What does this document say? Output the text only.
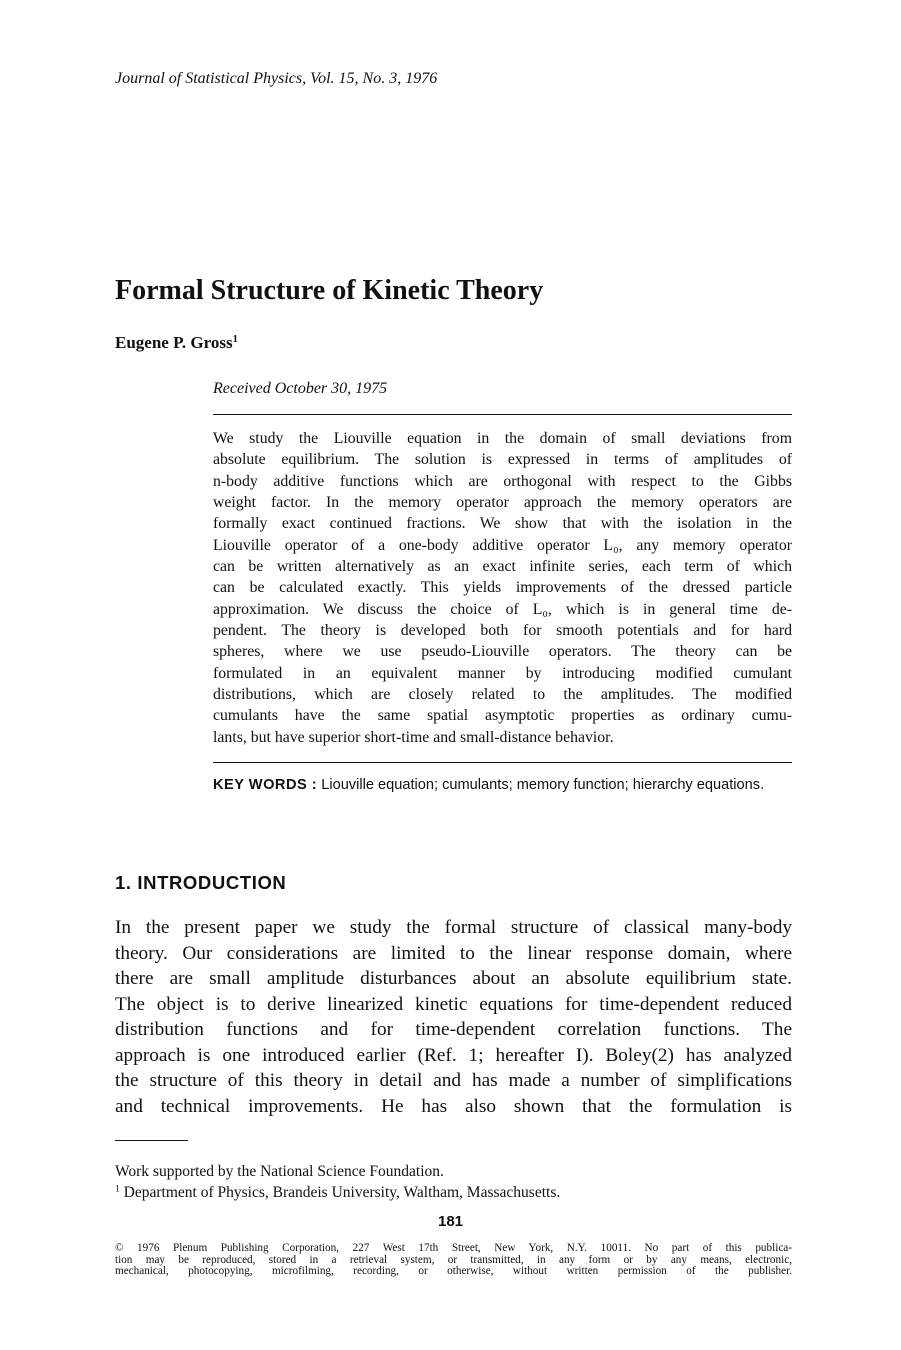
Journal of Statistical Physics, Vol. 15, No. 3, 1976
Formal Structure of Kinetic Theory
Eugene P. Gross$^1$
Received October 30, 1975
We study the Liouville equation in the domain of small deviations from
absolute equilibrium. The solution is expressed in terms of amplitudes of
n-body additive functions which are orthogonal with respect to the Gibbs
weight factor. In the memory operator approach the memory operators are
formally exact continued fractions. We show that with the isolation in the
Liouville operator of a one-body additive operator L₀, any memory operator
can be written alternatively as an exact infinite series, each term of which
can be calculated exactly. This yields improvements of the dressed particle
approximation. We discuss the choice of L₀, which is in general time de-
pendent. The theory is developed both for smooth potentials and for hard
spheres, where we use pseudo-Liouville operators. The theory can be
formulated in an equivalent manner by introducing modified cumulant
distributions, which are closely related to the amplitudes. The modified
cumulants have the same spatial asymptotic properties as ordinary cumu-
lants, but have superior short-time and small-distance behavior.
KEY WORDS : Liouville equation; cumulants; memory function; hierarchy equations.
1. INTRODUCTION
In the present paper we study the formal structure of classical many-body
theory. Our considerations are limited to the linear response domain, where
there are small amplitude disturbances about an absolute equilibrium state.
The object is to derive linearized kinetic equations for time-dependent reduced
distribution functions and for time-dependent correlation functions. The
approach is one introduced earlier (Ref. 1; hereafter I). Boley(2) has analyzed
the structure of this theory in detail and has made a number of simplifications
and technical improvements. He has also shown that the formulation is
Work supported by the National Science Foundation.
$^1$ Department of Physics, Brandeis University, Waltham, Massachusetts.
181
© 1976 Plenum Publishing Corporation, 227 West 17th Street, New York, N.Y. 10011. No part of this publica-
tion may be reproduced, stored in a retrieval system, or transmitted, in any form or by any means, electronic,
mechanical, photocopying, microfilming, recording, or otherwise, without written permission of the publisher.
